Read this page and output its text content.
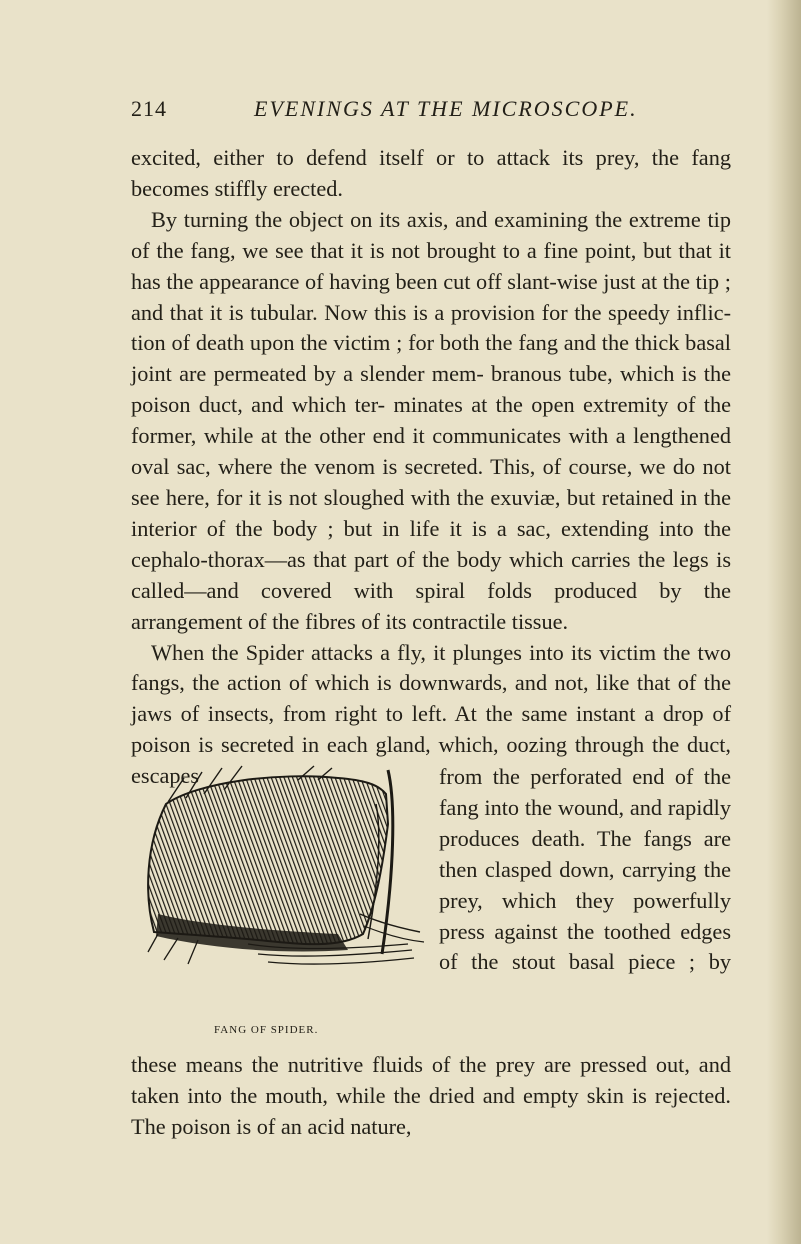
214	EVENINGS AT THE MICROSCOPE.

excited, either to defend itself or to attack its prey, the fang becomes stiffly erected.

By turning the object on its axis, and examining the extreme tip of the fang, we see that it is not brought to a fine point, but that it has the appearance of having been cut off slant-wise just at the tip ; and that it is tubular. Now this is a provision for the speedy inflic- tion of death upon the victim ; for both the fang and the thick basal joint are permeated by a slender mem- branous tube, which is the poison duct, and which ter- minates at the open extremity of the former, while at the other end it communicates with a lengthened oval sac, where the venom is secreted. This, of course, we do not see here, for it is not sloughed with the exuviæ, but retained in the interior of the body ; but in life it is a sac, extending into the cephalo-thorax—as that part of the body which carries the legs is called—and covered with spiral folds produced by the arrangement of the fibres of its contractile tissue.

When the Spider attacks a fly, it plunges into its victim the two fangs, the action of which is downwards, and not, like that of the jaws of insects, from right to left. At the same instant a drop of poison is secreted in each gland, which, oozing through the duct, escapes

FANG OF SPIDER.

from the perforated end of the fang into the wound, and rapidly produces death. The fangs are then clasped down, carrying the prey, which they powerfully press against the toothed edges of the stout basal piece ; by

these means the nutritive fluids of the prey are pressed out, and taken into the mouth, while the dried and empty skin is rejected. The poison is of an acid nature,
